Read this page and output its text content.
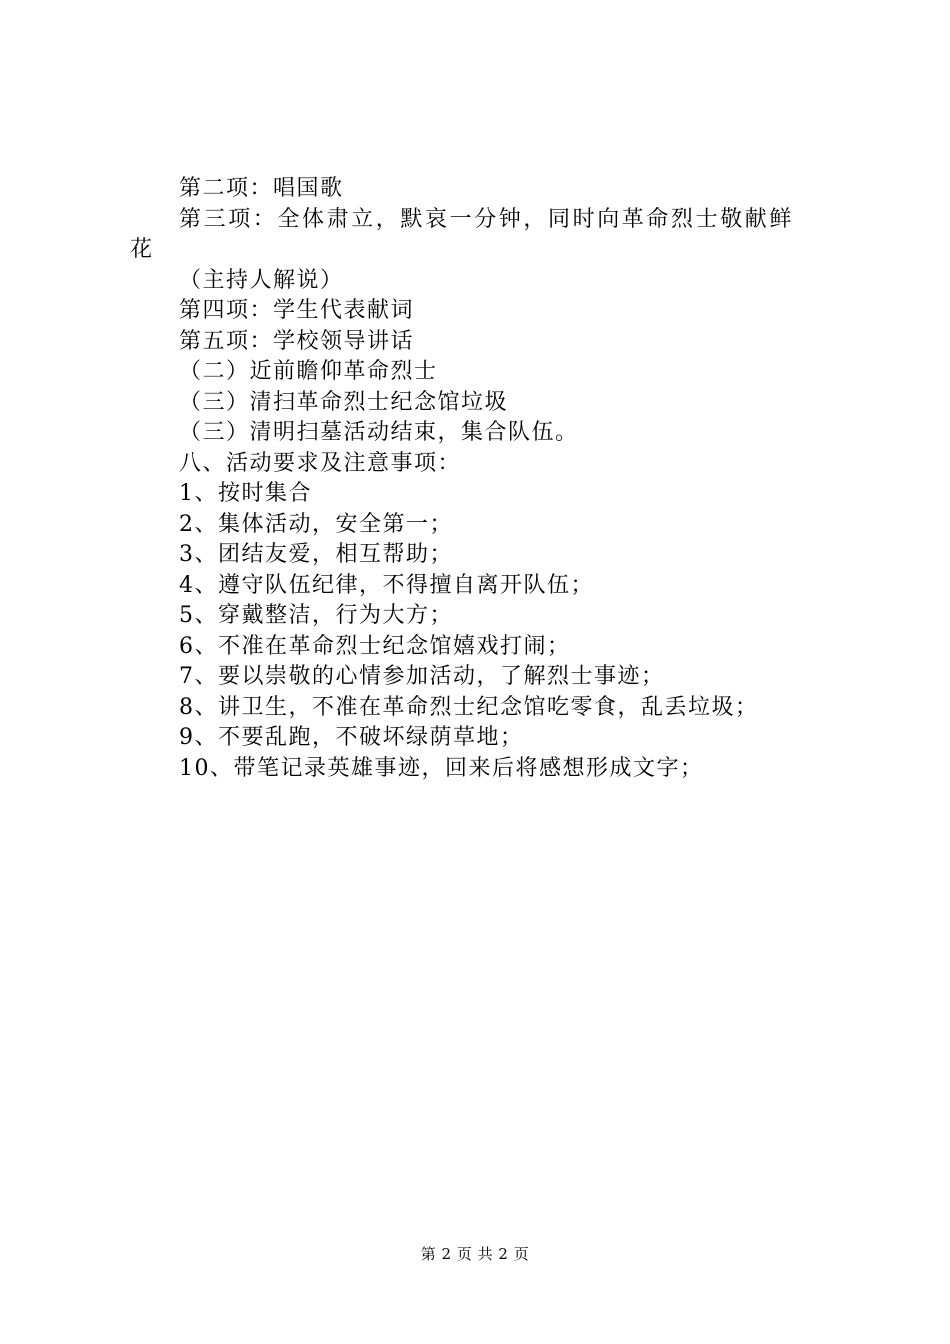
第二项：唱国歌
第三项：全体肃立，默哀一分钟，同时向革命烈士敬献鲜
花
（主持人解说）
第四项：学生代表献词
第五项：学校领导讲话
（二）近前瞻仰革命烈士
（三）清扫革命烈士纪念馆垃圾
（三）清明扫墓活动结束，集合队伍。
八、活动要求及注意事项：
1、按时集合
2、集体活动，安全第一；
3、团结友爱，相互帮助；
4、遵守队伍纪律，不得擅自离开队伍；
5、穿戴整洁，行为大方；
6、不准在革命烈士纪念馆嬉戏打闹；
7、要以崇敬的心情参加活动，了解烈士事迹；
8、讲卫生，不准在革命烈士纪念馆吃零食，乱丢垃圾；
9、不要乱跑，不破坏绿荫草地；
10、带笔记录英雄事迹，回来后将感想形成文字；
第 2 页 共 2 页
